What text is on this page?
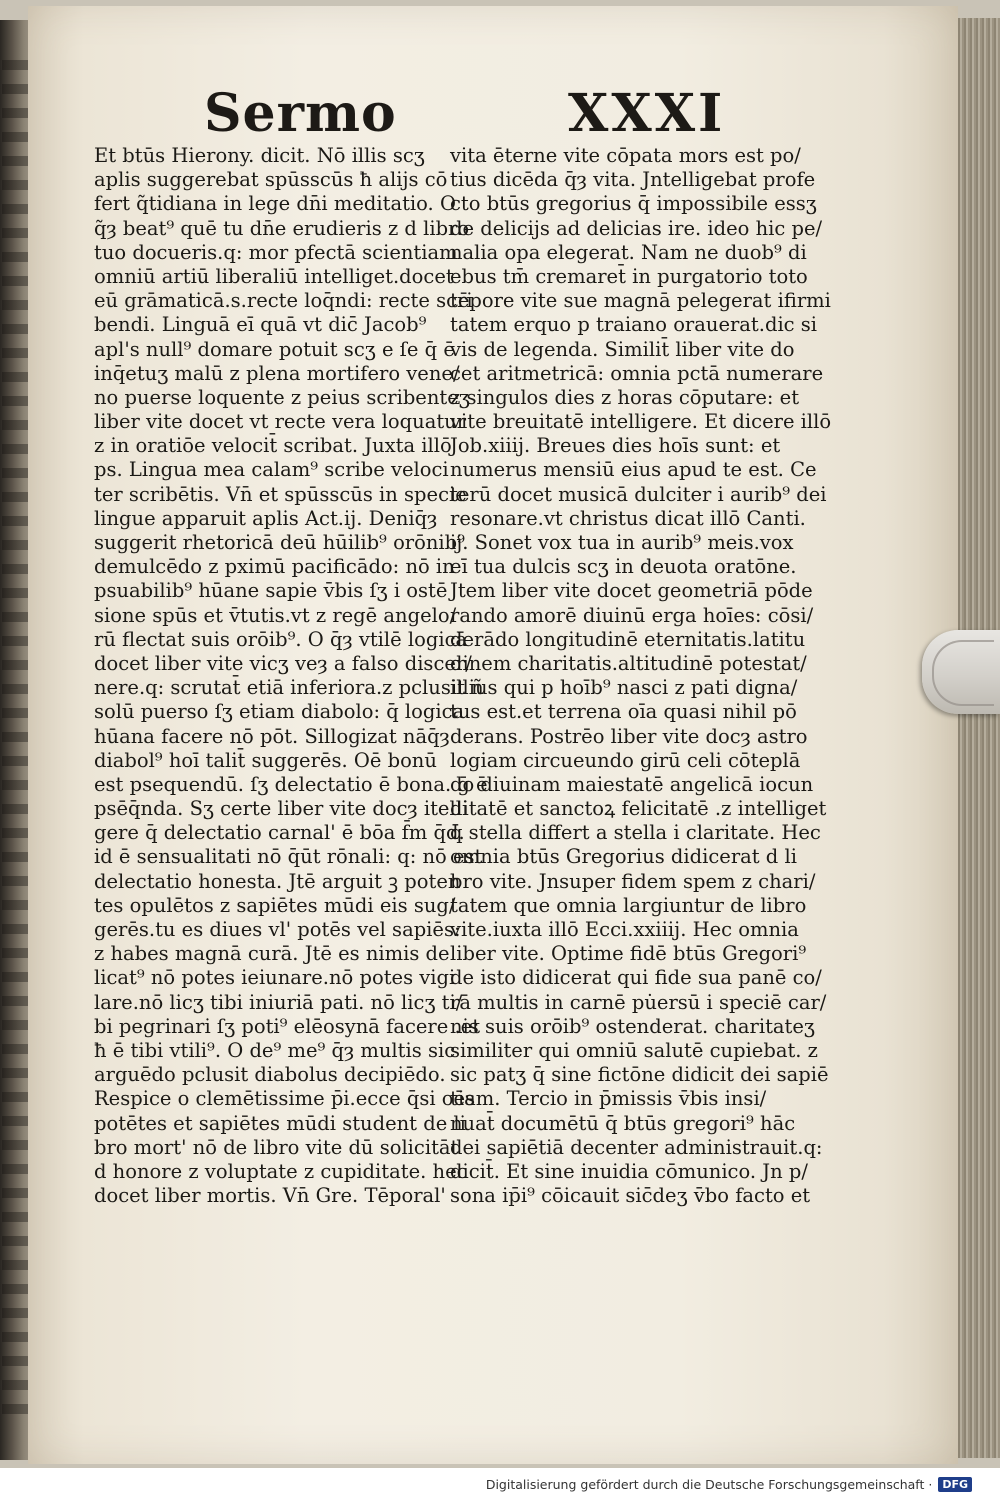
Sermo	XXXI
Et btūs Hierony. dicit. Nō illis scʒ
aplis suggerebat spūsscūs ħ alijs cō
fert q̃tidiana in lege dn̄i meditatio. O
q̃ȝ beat⁹ quē tu dn̄e erudieris z d libro
tuo docueris.q: mor pfectā scientiam
omniū artiū liberaliū intelliget.docet
eū grāmaticā.s.recte loq̄ndi: recte scri
bendi. Linguā eī quā vt dic̄ Jacob⁹
apl's null⁹ domare potuit scʒ e ſe q̄ ē
inq̄etuʒ malū z plena mortifero vene/
no puerse loquente z peius scribenteʒ
liber vite docet vt recte vera loquatur
z in oratiōe velocit̄ scribat. Juxta illō
ps. Lingua mea calam⁹ scribe veloci
ter scribētis. Vn̄ et spūsscūs in specie
lingue apparuit aplis Act.ij. Deniq̄ȝ
suggerit rhetoricā deū hūilib⁹ orōnib⁹
demulcēdo z pximū pacificādo: nō in
psuabilib⁹ hūane sapie v̄bis ſʒ i ostē
sione spūs et v̄tutis.vt z regē angelo/
rū flectat suis orōib⁹. O q̄ȝ vtilē logicā
docet liber vite vicʒ veȝ a falso discer/
nere.q: scrutat̄ etiā inferiora.z pclusit ñ
solū puerso ſʒ etiam diabolo: q̄ logica
hūana facere nō pōt. Sillogizat nāq̄ȝ
diabol⁹ hoī talit̄ suggerēs. Oē bonū
est psequendū. ſʒ delectatio ē bona. ḡ ē
psēq̄nda. Sʒ certe liber vite docȝ itelli
gere q̄ delectatio carnal' ē bōa f̄m q̄d.
id ē sensualitati nō q̄ūt rōnali: q: nō est
delectatio honesta. Jtē arguit ꝫ poten
tes opulētos z sapiētes mūdi eis sug/
gerēs.tu es diues vl' potēs vel sapiēs:
z habes magnā curā. Jtē es nimis de
licat⁹ nō potes ieiunare.nō potes vigi
lare.nō licʒ tibi iniuriā pati. nō licʒ ti/
bi pegrinari ſʒ poti⁹ elēosynā facere .et
ħ ē tibi vtili⁹. O de⁹ me⁹ q̄ȝ multis sic
arguēdo pclusit diabolus decipiēdo.
Respice o clemētissime p̄i.ecce q̄si oēs
potētes et sapiētes mūdi student de li
bro mort' nō de libro vite dū solicitāt
d honore z voluptate z cupiditate. hec
docet liber mortis. Vn̄ Gre. Tēporal'
vita ēterne vite cōpata mors est po/
tius dicēda q̄ȝ vita. Jntelligebat profe
cto btūs gregorius q̄ impossibile essʒ
de delicijs ad delicias ire. ideo hic pe/
nalia opa elegerat. Nam ne duob⁹ di
ebus tm̄ cremaret̄ in purgatorio toto
tēpore vite sue magnā pelegerat ifirmi
tatem erquo p traiano orauerat.dic si
vis de legenda. Similit̄ liber vite do
cet aritmetricā: omnia pctā numerare
z singulos dies z horas cōputare: et
vite breuitatē intelligere. Et dicere illō
Job.xiiij. Breues dies hoīs sunt: et
numerus mensiū eius apud te est. Ce
terū docet musicā dulciter i aurib⁹ dei
resonare.vt christus dicat illō Canti.
ij. Sonet vox tua in aurib⁹ meis.vox
eī tua dulcis scʒ in deuota oratōne.
Jtem liber vite docet geometriā pōde
rando amorē diuinū erga hoīes: cōsi/
derādo longitudinē eternitatis.latitu
dinem charitatis.altitudinē potestat/
illius qui p hoīb⁹ nasci z pati digna/
tus est.et terrena oīa quasi nihil pō
derans. Postrēo liber vite docȝ astro
logiam circueundo girū celi cōteplā
do diuinam maiestatē angelicā iocun
ditatē et sanctoꝝ felicitatē .z intelliget
q̄ stella differt a stella i claritate. Hec
omnia btūs Gregorius didicerat d li
bro vite. Jnsuper fidem spem z chari/
tatem que omnia largiuntur de libro
vite.iuxta illō Ecci.xxiiij. Hec omnia
liber vite. Optime fidē btūs Gregori⁹
de isto didicerat qui fide sua panē co/
rā multis in carnē pu̇ersū i speciē car/
nis suis orōib⁹ ostenderat. charitateʒ
similiter qui omniū salutē cupiebat. z
sic patʒ q̄ sine fictōne didicit dei sapiē
tiam. Tercio in p̄missis v̄bis insi/
nuat̄ documētū q̄ btūs gregori⁹ hāc
dei sapiētiā decenter administrauit.q:
dicit̄. Et sine inuidia cōmunico. Jn p/
sona ip̄i⁹ cōicauit sic̄deʒ v̄bo facto et
Digitalisierung gefördert durch die Deutsche Forschungsgemeinschaft · DFG
